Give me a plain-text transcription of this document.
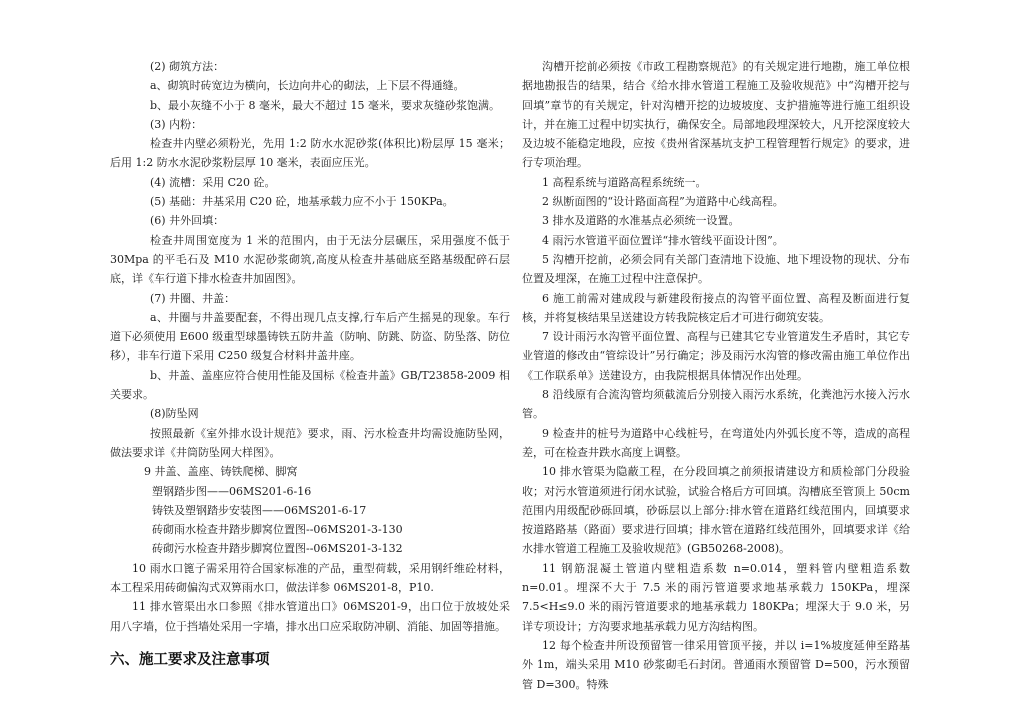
(2) 砌筑方法：

a、砌筑时砖宽边为横向，长边向井心的砌法，上下层不得通缝。

b、最小灰缝不小于 8 毫米，最大不超过 15 毫米，要求灰缝砂浆饱满。

(3) 内粉：

检查井内壁必须粉光，先用 1:2 防水水泥砂浆(体积比)粉层厚 15 毫米；后用 1:2 防水水泥砂浆粉层厚 10 毫米，表面应压光。

(4) 流槽：采用 C20 砼。

(5) 基础：井基采用 C20 砼，地基承载力应不小于 150KPa。

(6) 井外回填：

检查井周围宽度为 1 米的范围内，由于无法分层碾压，采用强度不低于 30Mpa 的平毛石及 M10 水泥砂浆砌筑,高度从检查井基础底至路基级配碎石层底，详《车行道下排水检查井加固图》。

(7) 井圈、井盖：

a、井圈与井盖要配套，不得出现几点支撑,行车后产生摇晃的现象。车行道下必须使用 E600 级重型球墨铸铁五防井盖（防响、防跳、防盗、防坠落、防位移），非车行道下采用 C250 级复合材料井盖井座。

b、井盖、盖座应符合使用性能及国标《检查井盖》GB/T23858-2009 相关要求。

(8)防坠网

按照最新《室外排水设计规范》要求，雨、污水检查井均需设施防坠网，做法要求详《井筒防坠网大样图》。

9 井盖、盖座、铸铁爬梯、脚窝

塑钢踏步图——06MS201-6-16

铸铁及塑钢踏步安装图——06MS201-6-17

砖砌雨水检查井踏步脚窝位置图--06MS201-3-130

砖砌污水检查井踏步脚窝位置图--06MS201-3-132

10 雨水口篦子需采用符合国家标准的产品，重型荷载，采用钢纤维砼材料，本工程采用砖砌偏沟式双箅雨水口，做法详参 06MS201-8，P10.

11 排水管渠出水口参照《排水管道出口》06MS201-9，出口位于放坡处采用八字墙，位于挡墙处采用一字墙，排水出口应采取防冲刷、消能、加固等措施。

六、施工要求及注意事项

沟槽开挖前必须按《市政工程勘察规范》的有关规定进行地勘，施工单位根据地勘报告的结果，结合《给水排水管道工程施工及验收规范》中“沟槽开挖与回填”章节的有关规定，针对沟槽开挖的边坡坡度、支护措施等进行施工组织设计，并在施工过程中切实执行，确保安全。局部地段埋深较大，凡开挖深度较大及边坡不能稳定地段，应按《贵州省深基坑支护工程管理暂行规定》的要求，进行专项治理。

1 高程系统与道路高程系统统一。

2 纵断面图的“设计路面高程”为道路中心线高程。

3 排水及道路的水准基点必须统一设置。

4 雨污水管道平面位置详“排水管线平面设计图”。

5 沟槽开挖前，必须会同有关部门查清地下设施、地下埋设物的现状、分布位置及埋深，在施工过程中注意保护。

6 施工前需对建成段与新建段衔接点的沟管平面位置、高程及断面进行复核，并将复核结果呈送建设方转我院核定后才可进行砌筑安装。

7 设计雨污水沟管平面位置、高程与已建其它专业管道发生矛盾时，其它专业管道的修改由“管综设计”另行确定；涉及雨污水沟管的修改需由施工单位作出《工作联系单》送建设方，由我院根据具体情况作出处理。

8 沿线原有合流沟管均须截流后分别接入雨污水系统，化粪池污水接入污水管。

9 检查井的桩号为道路中心线桩号，在弯道处内外弧长度不等，造成的高程差，可在检查井跌水高度上调整。

10 排水管渠为隐蔽工程，在分段回填之前须报请建设方和质检部门分段验收；对污水管道须进行闭水试验，试验合格后方可回填。沟槽底至管顶上 50cm 范围内用级配砂砾回填，砂砾层以上部分:排水管在道路红线范围内，回填要求按道路路基（路面）要求进行回填；排水管在道路红线范围外，回填要求详《给水排水管道工程施工及验收规范》(GB50268-2008)。

11 钢筋混凝土管道内壁粗造系数 n=0.014，塑料管内壁粗造系数 n=0.01。埋深不大于 7.5 米的雨污管道要求地基承载力 150KPa，埋深 7.5<H≤9.0 米的雨污管道要求的地基承载力 180KPa；埋深大于 9.0 米，另详专项设计；方沟要求地基承载力见方沟结构图。

12 每个检查井所设预留管一律采用管顶平接，并以 i=1%坡度延伸至路基外 1m，端头采用 M10 砂浆砌毛石封闭。普通雨水预留管 D=500，污水预留管 D=300。特殊
